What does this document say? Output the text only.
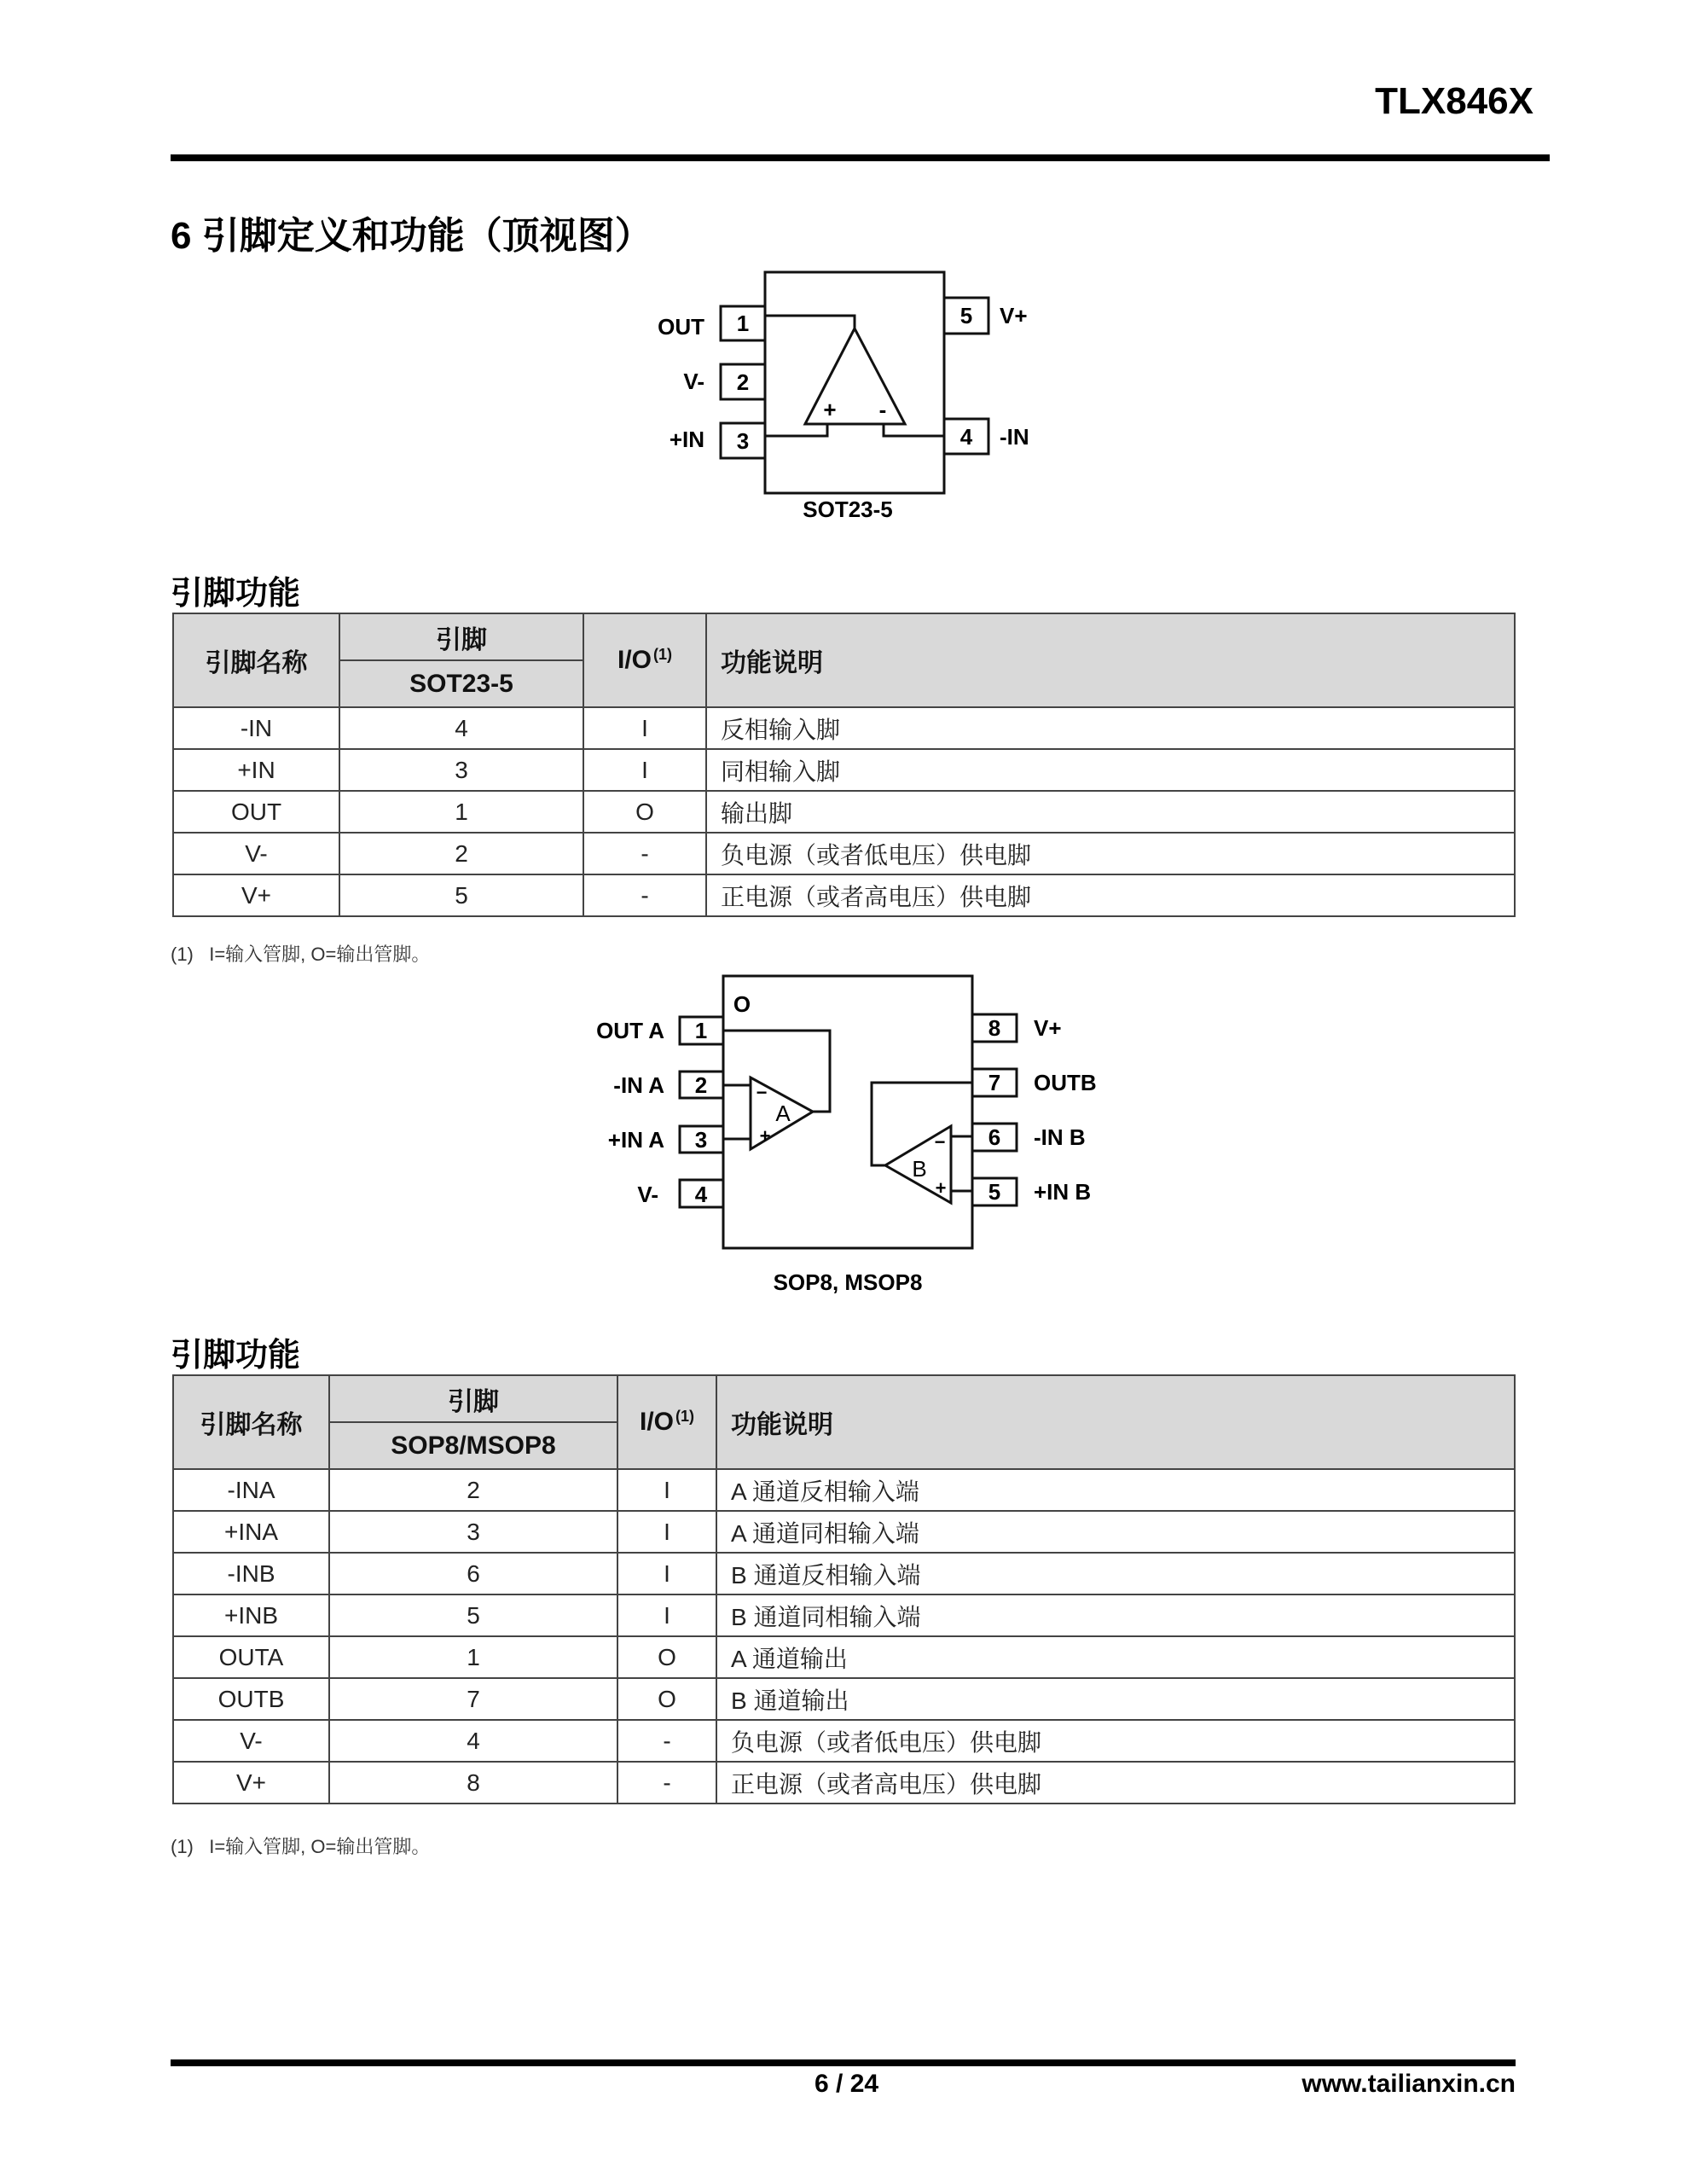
TLX846X
6 引脚定义和功能（顶视图）
1
2
3
5
4
OUT
V-
+IN
V+
-IN
+ -
SOT23-5
引脚功能
引脚名称	引脚	I/O $^{(1)}$	功能说明
	SOT23-5		
-IN	4	I	反相输入脚
+IN	3	I	同相输入脚
OUT	1	O	输出脚
V-	2	-	负电源（或者低电压）供电脚
V+	5	-	正电源（或者高电压）供电脚
(1)   I=输入管脚, O=输出管脚。
O
1
2
3
4
OUT A
-IN A
+IN A
V-
8
7
6
5
V+
OUTB
-IN B
+IN B
−
A
+	−
B
+
SOP8, MSOP8
引脚功能
引脚名称	引脚	I/O $^{(1)}$	功能说明
	SOP8/MSOP8		
-INA	2	I	A 通道反相输入端
+INA	3	I	A 通道同相输入端
-INB	6	I	B 通道反相输入端
+INB	5	I	B 通道同相输入端
OUTA	1	O	A 通道输出
OUTB	7	O	B 通道输出
V-	4	-	负电源（或者低电压）供电脚
V+	8	-	正电源（或者高电压）供电脚
(1)   I=输入管脚, O=输出管脚。
6 / 24	www.tailianxin.cn
